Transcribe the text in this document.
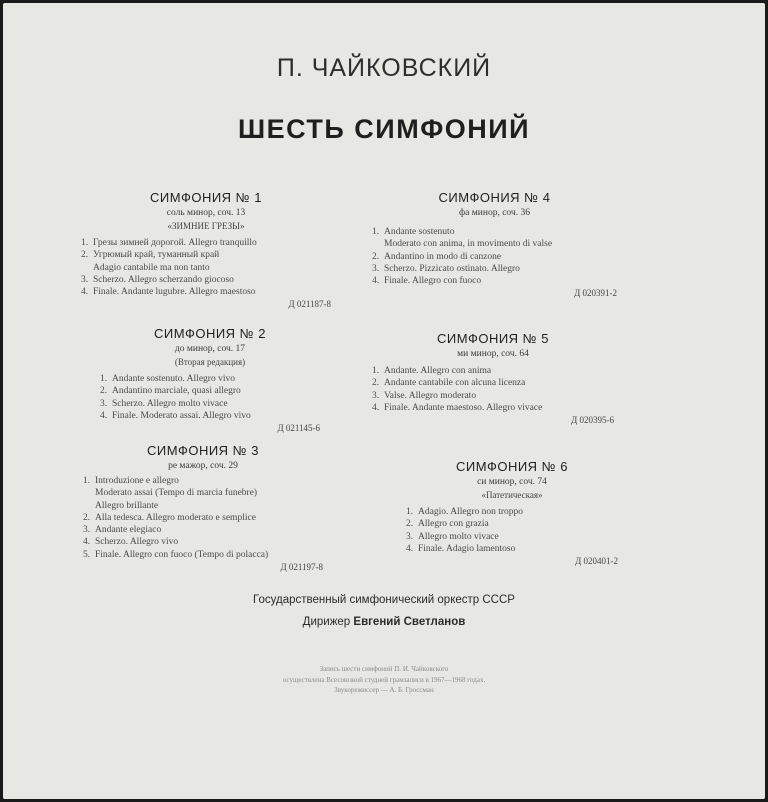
П. ЧАЙКОВСКИЙ
ШЕСТЬ СИМФОНИЙ
СИМФОНИЯ № 1
соль минор, соч. 13
«ЗИМНИЕ ГРЕЗЫ»
1. Грезы зимней дорогой. Allegro tranquillo
2. Угрюмый край, туманный край
Adagio cantabile ma non tanto
3. Scherzo. Allegro scherzando giocoso
4. Finale. Andante lugubre. Allegro maestoso
Д 021187-8
СИМФОНИЯ № 2
до минор, соч. 17
(Вторая редакция)
1. Andante sostenuto. Allegro vivo
2. Andantino marciale, quasi allegro
3. Scherzo. Allegro molto vivace
4. Finale. Moderato assai. Allegro vivo
Д 021145-6
СИМФОНИЯ № 3
ре мажор, соч. 29
1. Introduzione e allegro
Moderato assai (Tempo di marcia funebre)
Allegro brillante
2. Alla tedesca. Allegro moderato e semplice
3. Andante elegiaco
4. Scherzo. Allegro vivo
5. Finale. Allegro con fuoco (Tempo di polacca)
Д 021197-8
СИМФОНИЯ № 4
фа минор, соч. 36
1. Andante sostenuto
Moderato con anima, in movimento di valse
2. Andantino in modo di canzone
3. Scherzo. Pizzicato ostinato. Allegro
4. Finale. Allegro con fuoco
Д 020391-2
СИМФОНИЯ № 5
ми минор, соч. 64
1. Andante. Allegro con anima
2. Andante cantabile con alcuna licenza
3. Valse. Allegro moderato
4. Finale. Andante maestoso. Allegro vivace
Д 020395-6
СИМФОНИЯ № 6
си минор, соч. 74
«Патетическая»
1. Adagio. Allegro non troppo
2. Allegro con grazia
3. Allegro molto vivace
4. Finale. Adagio lamentoso
Д 020401-2
Государственный симфонический оркестр СССР
Дирижер Евгений Светланов
Запись шести симфоний П. И. Чайковского
осуществлена Всесоюзной студией грамзаписи в 1967—1968 годах.
Звукорежиссер — А. Б. Гроссман
